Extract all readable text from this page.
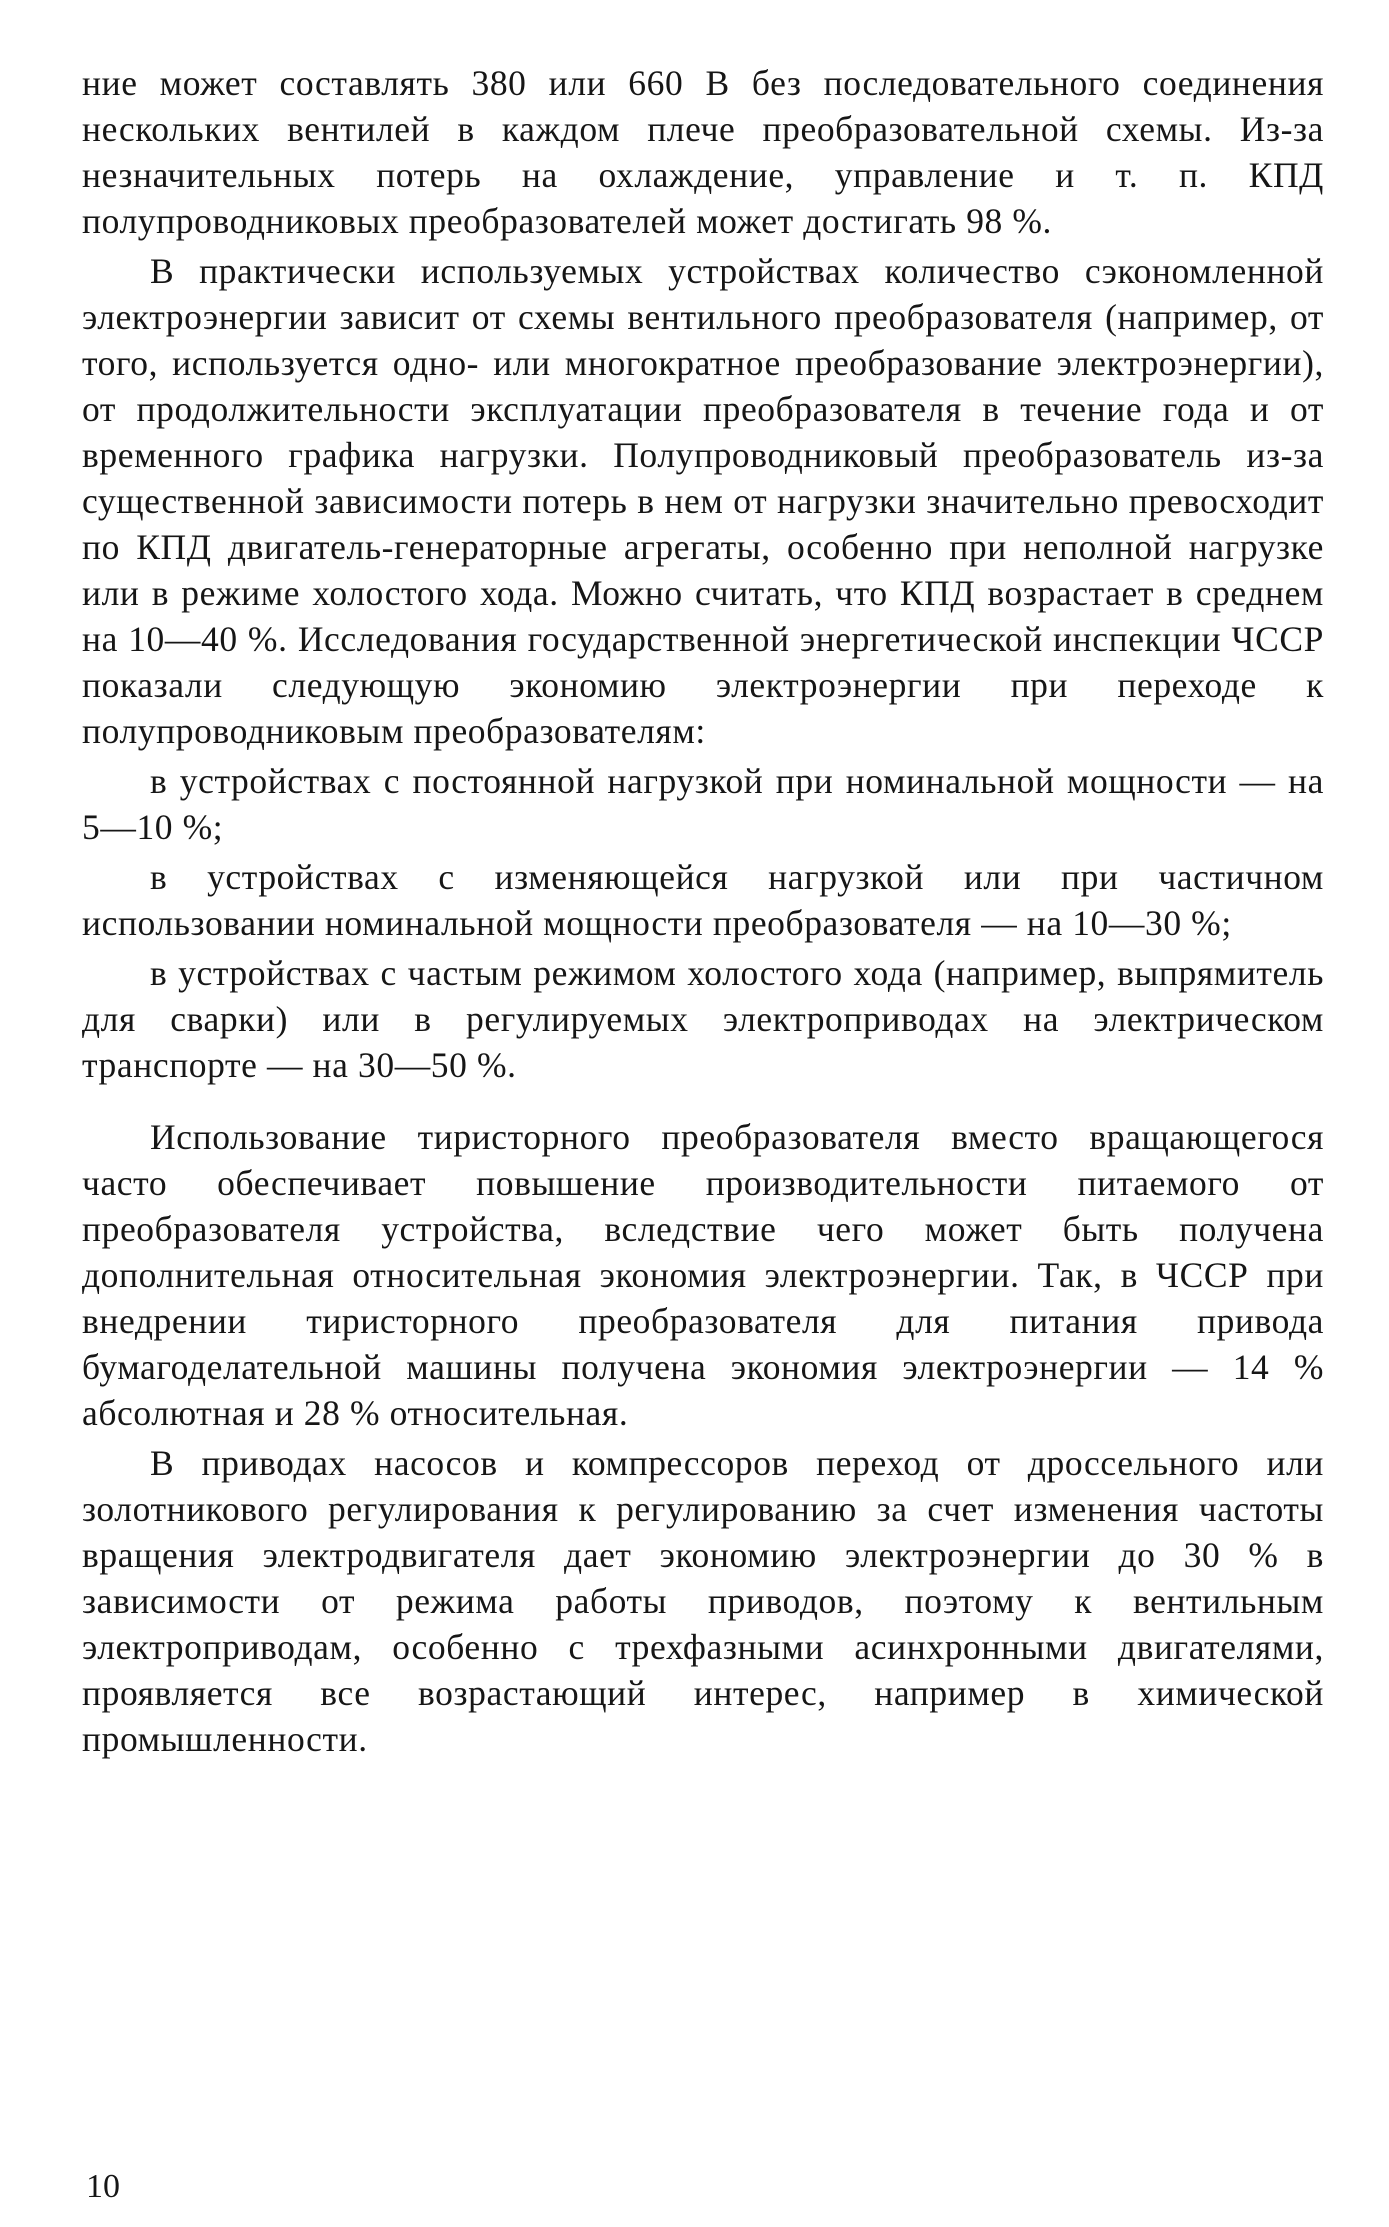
ние может составлять 380 или 660 В без последовательного соединения нескольких вентилей в каждом плече преобразовательной схемы. Из-за незначительных потерь на охлаждение, управление и т. п. КПД полупроводниковых преобразователей может достигать 98 %.

В практически используемых устройствах количество сэкономленной электроэнергии зависит от схемы вентильного преобразователя (например, от того, используется одно- или многократное преобразование электроэнергии), от продолжительности эксплуатации преобразователя в течение года и от временного графика нагрузки. Полупроводниковый преобразователь из-за существенной зависимости потерь в нем от нагрузки значительно превосходит по КПД двигатель-генераторные агрегаты, особенно при неполной нагрузке или в режиме холостого хода. Можно считать, что КПД возрастает в среднем на 10—40 %. Исследования государственной энергетической инспекции ЧССР показали следующую экономию электроэнергии при переходе к полупроводниковым преобразователям:

в устройствах с постоянной нагрузкой при номинальной мощности — на 5—10 %;

в устройствах с изменяющейся нагрузкой или при частичном использовании номинальной мощности преобразователя — на 10—30 %;

в устройствах с частым режимом холостого хода (например, выпрямитель для сварки) или в регулируемых электроприводах на электрическом транспорте — на 30—50 %.

Использование тиристорного преобразователя вместо вращающегося часто обеспечивает повышение производительности питаемого от преобразователя устройства, вследствие чего может быть получена дополнительная относительная экономия электроэнергии. Так, в ЧССР при внедрении тиристорного преобразователя для питания привода бумагоделательной машины получена экономия электроэнергии — 14 % абсолютная и 28 % относительная.

В приводах насосов и компрессоров переход от дроссельного или золотникового регулирования к регулированию за счет изменения частоты вращения электродвигателя дает экономию электроэнергии до 30 % в зависимости от режима работы приводов, поэтому к вентильным электроприводам, особенно с трехфазными асинхронными двигателями, проявляется все возрастающий интерес, например в химической промышленности.

10
